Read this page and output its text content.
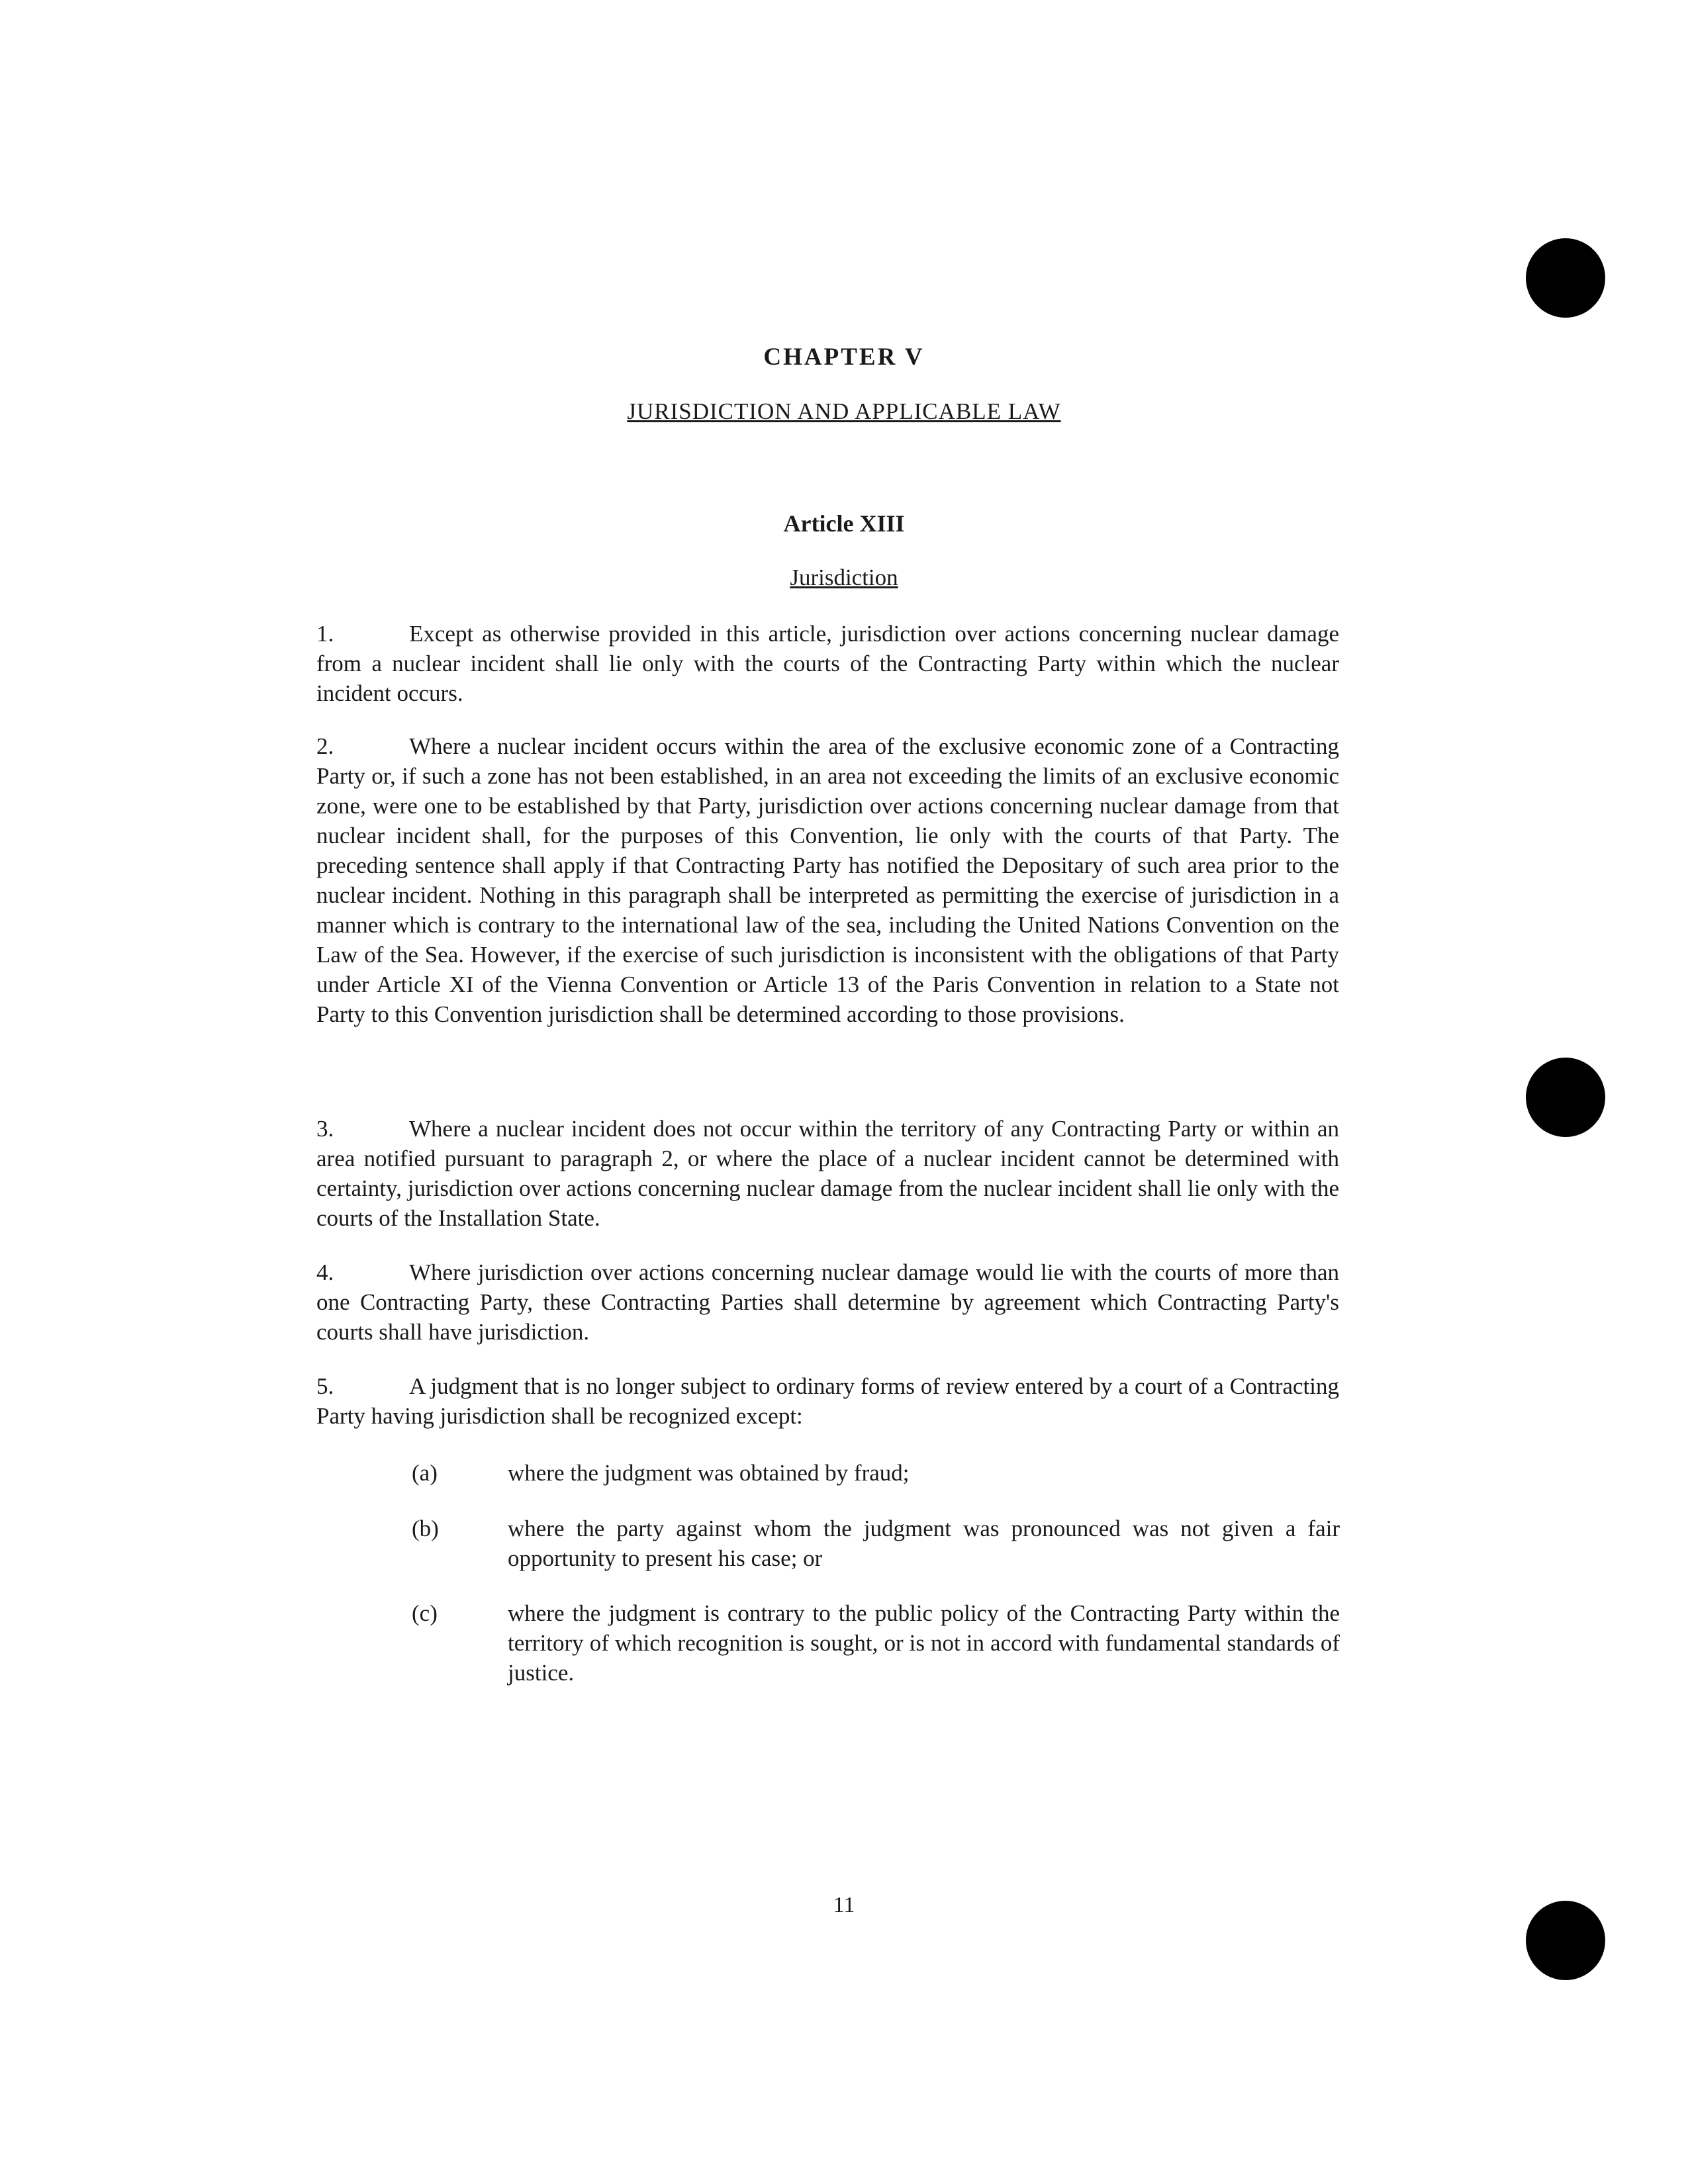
CHAPTER V
JURISDICTION AND APPLICABLE LAW
Article XIII
Jurisdiction
1.	Except as otherwise provided in this article, jurisdiction over actions concerning nuclear damage from a nuclear incident shall lie only with the courts of the Contracting Party within which the nuclear incident occurs.
2.	Where a nuclear incident occurs within the area of the exclusive economic zone of a Contracting Party or, if such a zone has not been established, in an area not exceeding the limits of an exclusive economic zone, were one to be established by that Party, jurisdiction over actions concerning nuclear damage from that nuclear incident shall, for the purposes of this Convention, lie only with the courts of that Party. The preceding sentence shall apply if that Contracting Party has notified the Depositary of such area prior to the nuclear incident. Nothing in this paragraph shall be interpreted as permitting the exercise of jurisdiction in a manner which is contrary to the international law of the sea, including the United Nations Convention on the Law of the Sea. However, if the exercise of such jurisdiction is inconsistent with the obligations of that Party under Article XI of the Vienna Convention or Article 13 of the Paris Convention in relation to a State not Party to this Convention jurisdiction shall be determined according to those provisions.
3.	Where a nuclear incident does not occur within the territory of any Contracting Party or within an area notified pursuant to paragraph 2, or where the place of a nuclear incident cannot be determined with certainty, jurisdiction over actions concerning nuclear damage from the nuclear incident shall lie only with the courts of the Installation State.
4.	Where jurisdiction over actions concerning nuclear damage would lie with the courts of more than one Contracting Party, these Contracting Parties shall determine by agreement which Contracting Party's courts shall have jurisdiction.
5.	A judgment that is no longer subject to ordinary forms of review entered by a court of a Contracting Party having jurisdiction shall be recognized except:
(a)	where the judgment was obtained by fraud;
(b)	where the party against whom the judgment was pronounced was not given a fair opportunity to present his case; or
(c)	where the judgment is contrary to the public policy of the Contracting Party within the territory of which recognition is sought, or is not in accord with fundamental standards of justice.
11
